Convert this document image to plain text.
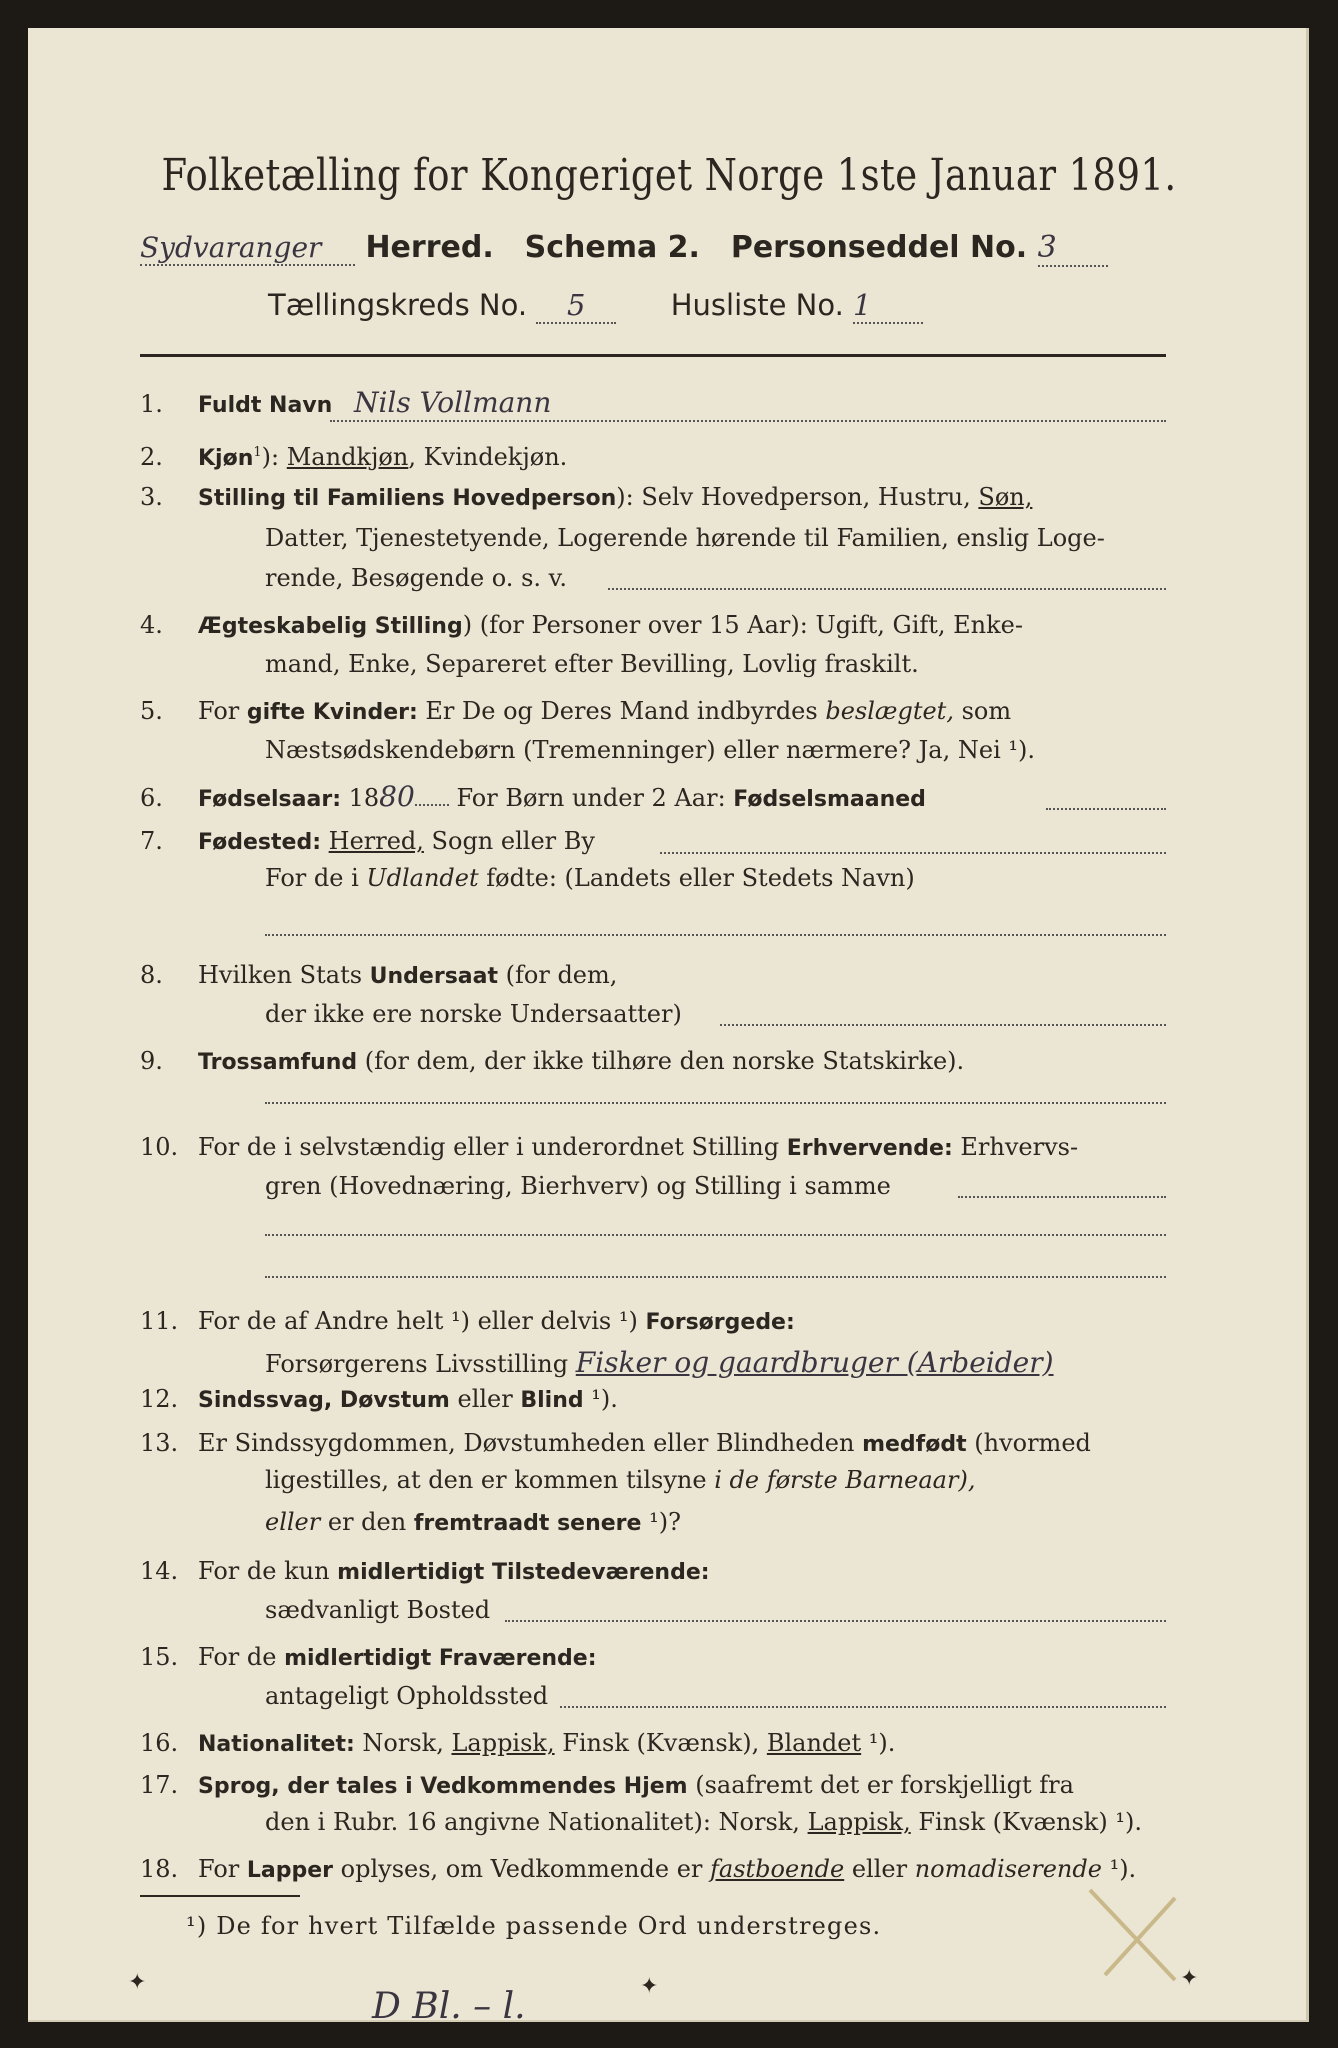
Folketælling for Kongeriget Norge 1ste Januar 1891.
Sydvaranger Herred. Schema 2. Personseddel No. 3
Tællingskreds No. 5	Husliste No. 1
1. Fuldt Navn Nils Vollmann
2. Kjøn$^1$): Mandkjøn, Kvindekjøn.
3. Stilling til Familiens Hovedperson): Selv Hovedperson, Hustru, Søn,
Datter, Tjenestetyende, Logerende hørende til Familien, enslig Loge-
rende, Besøgende o. s. v.
4. Ægteskabelig Stilling) (for Personer over 15 Aar): Ugift, Gift, Enke-
mand, Enke, Separeret efter Bevilling, Lovlig fraskilt.
5. For gifte Kvinder: Er De og Deres Mand indbyrdes beslægtet, som
Næstsødskendebørn (Tremenninger) eller nærmere? Ja, Nei ¹).
6. Fødselsaar: 1880 For Børn under 2 Aar: Fødselsmaaned
7. Fødested: Herred, Sogn eller By
For de i Udlandet fødte: (Landets eller Stedets Navn)
8. Hvilken Stats Undersaat (for dem,
der ikke ere norske Undersaatter)
9. Trossamfund (for dem, der ikke tilhøre den norske Statskirke).
10. For de i selvstændig eller i underordnet Stilling Erhvervende: Erhvervs-
gren (Hovednæring, Bierhverv) og Stilling i samme
11. For de af Andre helt ¹) eller delvis ¹) Forsørgede:
Forsørgerens Livsstilling Fisker og gaardbruger (Arbeider)
12. Sindssvag, Døvstum eller Blind ¹).
13. Er Sindssygdommen, Døvstumheden eller Blindheden medfødt (hvormed
ligestilles, at den er kommen tilsyne i de første Barneaar),
eller er den fremtraadt senere ¹)?
14. For de kun midlertidigt Tilstedeværende:
sædvanligt Bosted
15. For de midlertidigt Fraværende:
antageligt Opholdssted
16. Nationalitet: Norsk, Lappisk, Finsk (Kvænsk), Blandet ¹).
17. Sprog, der tales i Vedkommendes Hjem (saafremt det er forskjelligt fra
den i Rubr. 16 angivne Nationalitet): Norsk, Lappisk, Finsk (Kvænsk) ¹).
18. For Lapper oplyses, om Vedkommende er fastboende eller nomadiserende ¹).
¹) De for hvert Tilfælde passende Ord understreges.
✦	✦	✦
D Bl. – l.
